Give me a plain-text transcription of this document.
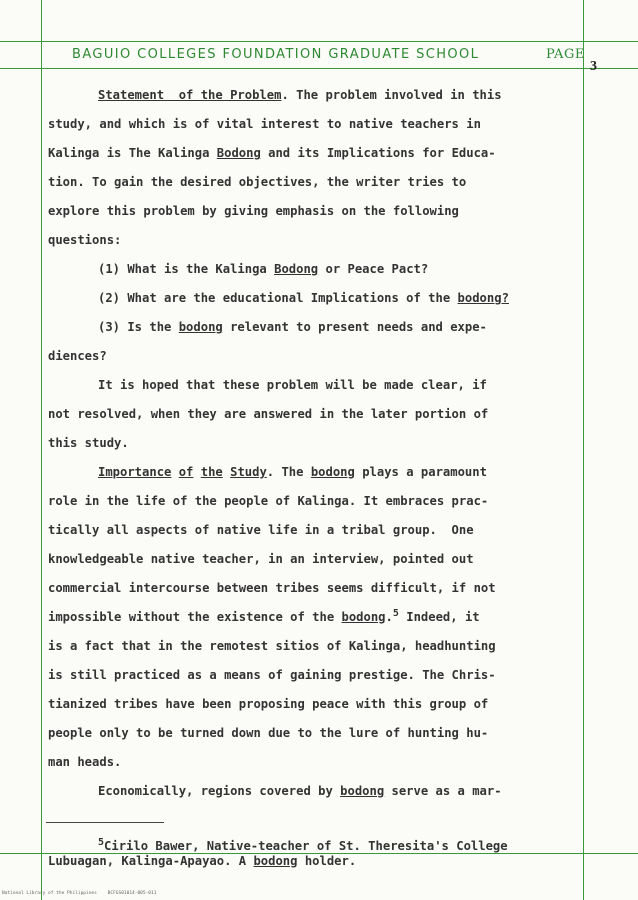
BAGUIO COLLEGES FOUNDATION GRADUATE SCHOOL	PAGE
3
Statement  of the Problem. The problem involved in this
study, and which is of vital interest to native teachers in
Kalinga is The Kalinga Bodong and its Implications for Educa-
tion. To gain the desired objectives, the writer tries to
explore this problem by giving emphasis on the following
questions:
(1) What is the Kalinga Bodong or Peace Pact?
(2) What are the educational Implications of the bodong?
(3) Is the bodong relevant to present needs and expe-
diences?
It is hoped that these problem will be made clear, if
not resolved, when they are answered in the later portion of
this study.
Importance of the Study. The bodong plays a paramount
role in the life of the people of Kalinga. It embraces prac-
tically all aspects of native life in a tribal group.  One
knowledgeable native teacher, in an interview, pointed out
commercial intercourse between tribes seems difficult, if not
impossible without the existence of the bodong.$^5$ Indeed, it
is a fact that in the remotest sitios of Kalinga, headhunting
is still practiced as a means of gaining prestige. The Chris-
tianized tribes have been proposing peace with this group of
people only to be turned down due to the lure of hunting hu-
man heads.
Economically, regions covered by bodong serve as a mar-
$^5$Cirilo Bawer, Native-teacher of St. Theresita's College
Lubuagan, Kalinga-Apayao. A bodong holder.
National Library of the Philippines    BCFGS01014-005-011
